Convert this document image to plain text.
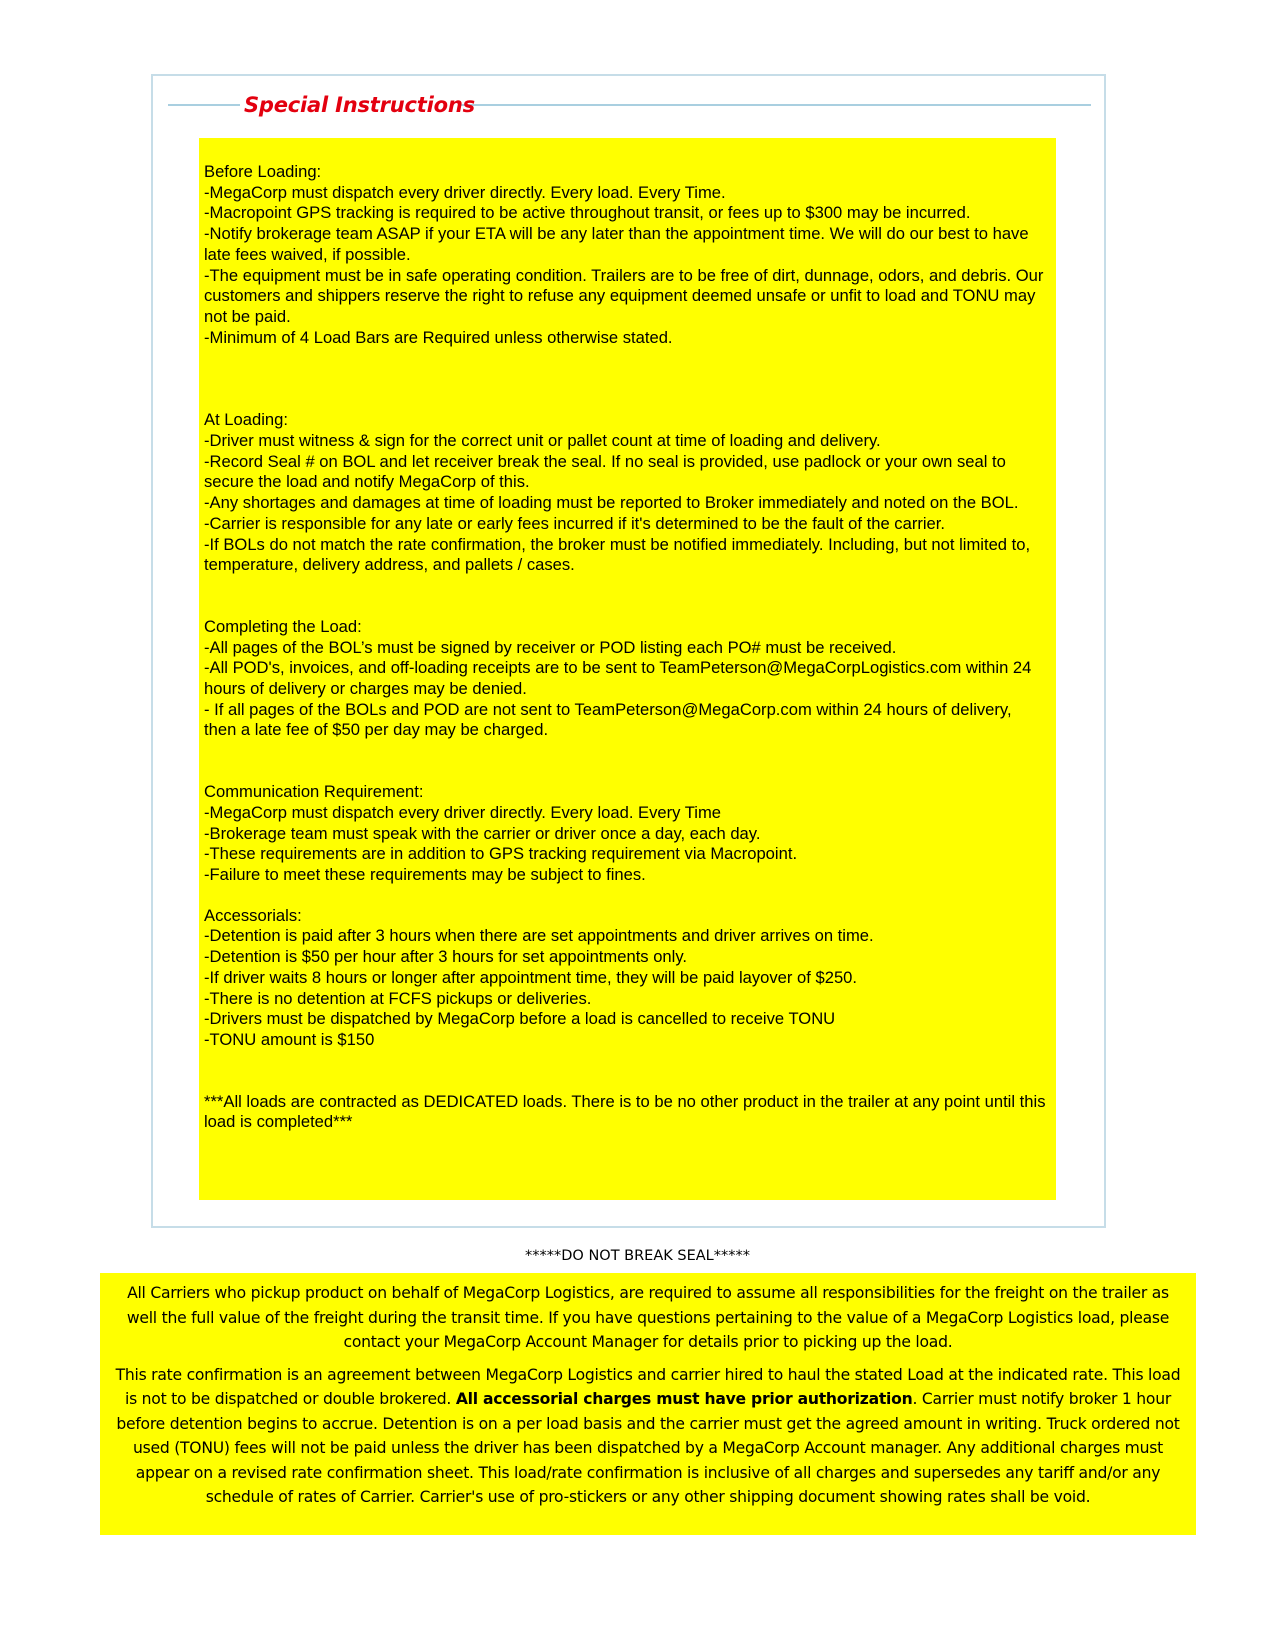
Special Instructions

Before Loading:

-MegaCorp must dispatch every driver directly. Every load. Every Time.

-Macropoint GPS tracking is required to be active throughout transit, or fees up to $300 may be incurred.

-Notify brokerage team ASAP if your ETA will be any later than the appointment time. We will do our best to have late fees waived, if possible.

-The equipment must be in safe operating condition. Trailers are to be free of dirt, dunnage, odors, and debris. Our customers and shippers reserve the right to refuse any equipment deemed unsafe or unfit to load and TONU may not be paid.

-Minimum of 4 Load Bars are Required unless otherwise stated.

At Loading:

-Driver must witness & sign for the correct unit or pallet count at time of loading and delivery.

-Record Seal # on BOL and let receiver break the seal. If no seal is provided, use padlock or your own seal to secure the load and notify MegaCorp of this.

-Any shortages and damages at time of loading must be reported to Broker immediately and noted on the BOL.

-Carrier is responsible for any late or early fees incurred if it's determined to be the fault of the carrier.

-If BOLs do not match the rate confirmation, the broker must be notified immediately. Including, but not limited to, temperature, delivery address, and pallets / cases.

Completing the Load:

-All pages of the BOL’s must be signed by receiver or POD listing each PO# must be received.

-All POD's, invoices, and off-loading receipts are to be sent to TeamPeterson@MegaCorpLogistics.com within 24 hours of delivery or charges may be denied.

- If all pages of the BOLs and POD are not sent to TeamPeterson@MegaCorp.com within 24 hours of delivery, then a late fee of $50 per day may be charged.

Communication Requirement:

-MegaCorp must dispatch every driver directly. Every load. Every Time

-Brokerage team must speak with the carrier or driver once a day, each day.

-These requirements are in addition to GPS tracking requirement via Macropoint.

-Failure to meet these requirements may be subject to fines.

Accessorials:

-Detention is paid after 3 hours when there are set appointments and driver arrives on time.

-Detention is $50 per hour after 3 hours for set appointments only.

-If driver waits 8 hours or longer after appointment time, they will be paid layover of $250.

-There is no detention at FCFS pickups or deliveries.

-Drivers must be dispatched by MegaCorp before a load is cancelled to receive TONU

-TONU amount is $150

***All loads are contracted as DEDICATED loads. There is to be no other product in the trailer at any point until this load is completed***

*****DO NOT BREAK SEAL*****

All Carriers who pickup product on behalf of MegaCorp Logistics, are required to assume all responsibilities for the freight on the trailer as well the full value of the freight during the transit time. If you have questions pertaining to the value of a MegaCorp Logistics load, please contact your MegaCorp Account Manager for details prior to picking up the load.

This rate confirmation is an agreement between MegaCorp Logistics and carrier hired to haul the stated Load at the indicated rate. This load is not to be dispatched or double brokered. All accessorial charges must have prior authorization. Carrier must notify broker 1 hour before detention begins to accrue. Detention is on a per load basis and the carrier must get the agreed amount in writing. Truck ordered not used (TONU) fees will not be paid unless the driver has been dispatched by a MegaCorp Account manager. Any additional charges must appear on a revised rate confirmation sheet. This load/rate confirmation is inclusive of all charges and supersedes any tariff and/or any schedule of rates of Carrier. Carrier's use of pro-stickers or any other shipping document showing rates shall be void.
